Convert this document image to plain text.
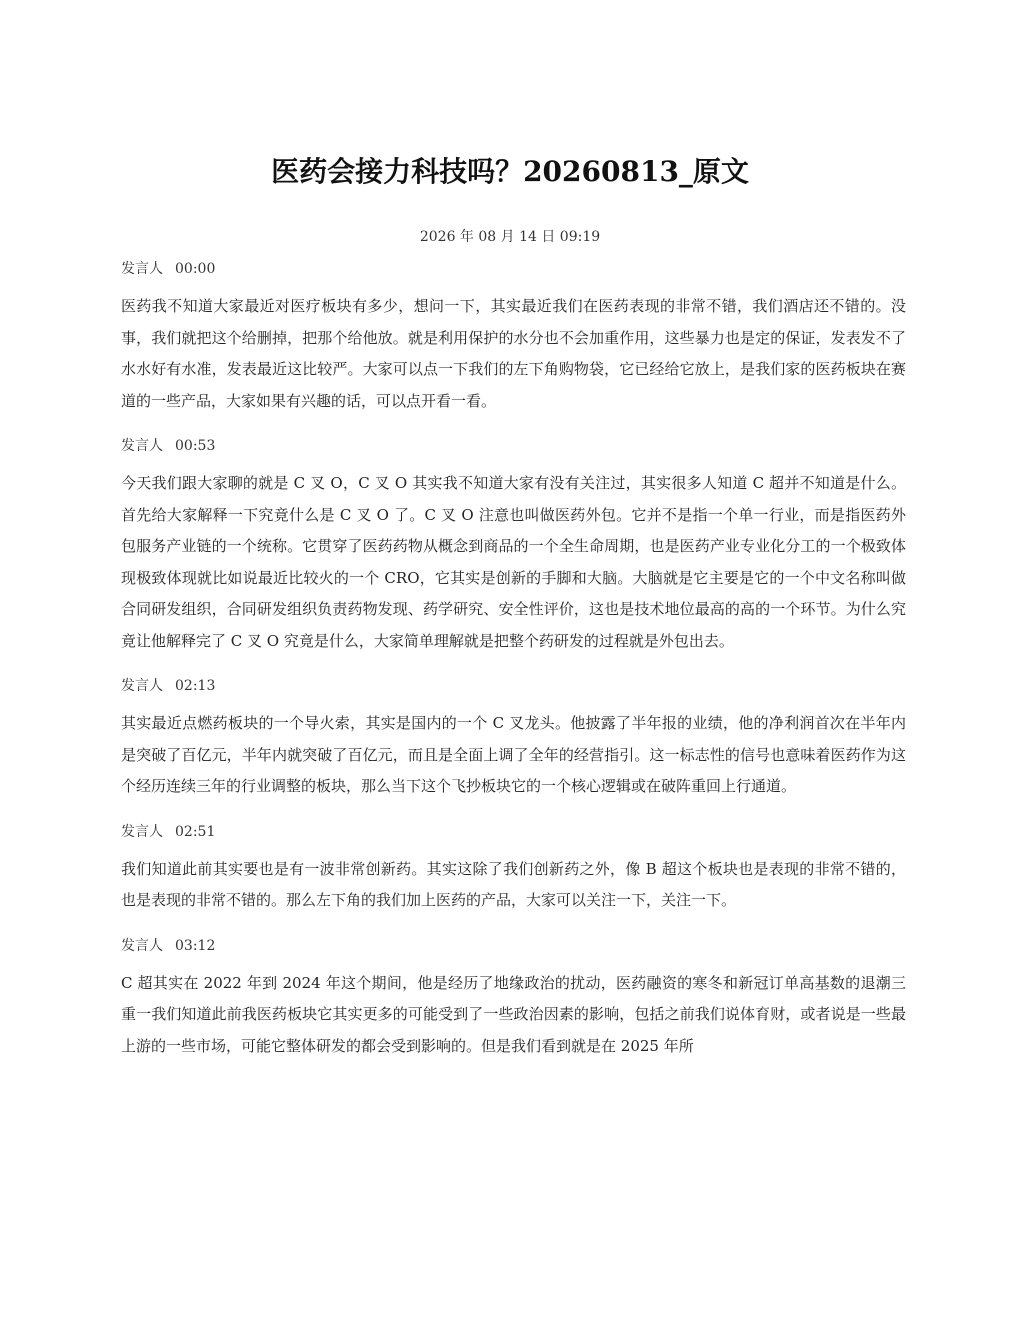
医药会接力科技吗？20260813_原文
2026 年 08 月 14 日 09:19
发言人 00:00

医药我不知道大家最近对医疗板块有多少，想问一下，其实最近我们在医药表现的非常不错，我们酒店还不错的。没事，我们就把这个给删掉，把那个给他放。就是利用保护的水分也不会加重作用，这些暴力也是定的保证，发表发不了水水好有水准，发表最近这比较严。大家可以点一下我们的左下角购物袋，它已经给它放上，是我们家的医药板块在赛道的一些产品，大家如果有兴趣的话，可以点开看一看。

发言人 00:53

今天我们跟大家聊的就是 C 叉 O，C 叉 O 其实我不知道大家有没有关注过，其实很多人知道 C 超并不知道是什么。首先给大家解释一下究竟什么是 C 叉 O 了。C 叉 O 注意也叫做医药外包。它并不是指一个单一行业，而是指医药外包服务产业链的一个统称。它贯穿了医药药物从概念到商品的一个全生命周期，也是医药产业专业化分工的一个极致体现极致体现就比如说最近比较火的一个 CRO，它其实是创新的手脚和大脑。大脑就是它主要是它的一个中文名称叫做合同研发组织，合同研发组织负责药物发现、药学研究、安全性评价，这也是技术地位最高的高的一个环节。为什么究竟让他解释完了 C 叉 O 究竟是什么，大家简单理解就是把整个药研发的过程就是外包出去。

发言人 02:13

其实最近点燃药板块的一个导火索，其实是国内的一个 C 叉龙头。他披露了半年报的业绩，他的净利润首次在半年内是突破了百亿元，半年内就突破了百亿元，而且是全面上调了全年的经营指引。这一标志性的信号也意味着医药作为这个经历连续三年的行业调整的板块，那么当下这个飞抄板块它的一个核心逻辑或在破阵重回上行通道。

发言人 02:51

我们知道此前其实要也是有一波非常创新药。其实这除了我们创新药之外，像 B 超这个板块也是表现的非常不错的，也是表现的非常不错的。那么左下角的我们加上医药的产品，大家可以关注一下，关注一下。

发言人 03:12

C 超其实在 2022 年到 2024 年这个期间，他是经历了地缘政治的扰动，医药融资的寒冬和新冠订单高基数的退潮三重一我们知道此前我医药板块它其实更多的可能受到了一些政治因素的影响，包括之前我们说体育财，或者说是一些最上游的一些市场，可能它整体研发的都会受到影响的。但是我们看到就是在 2025 年所
